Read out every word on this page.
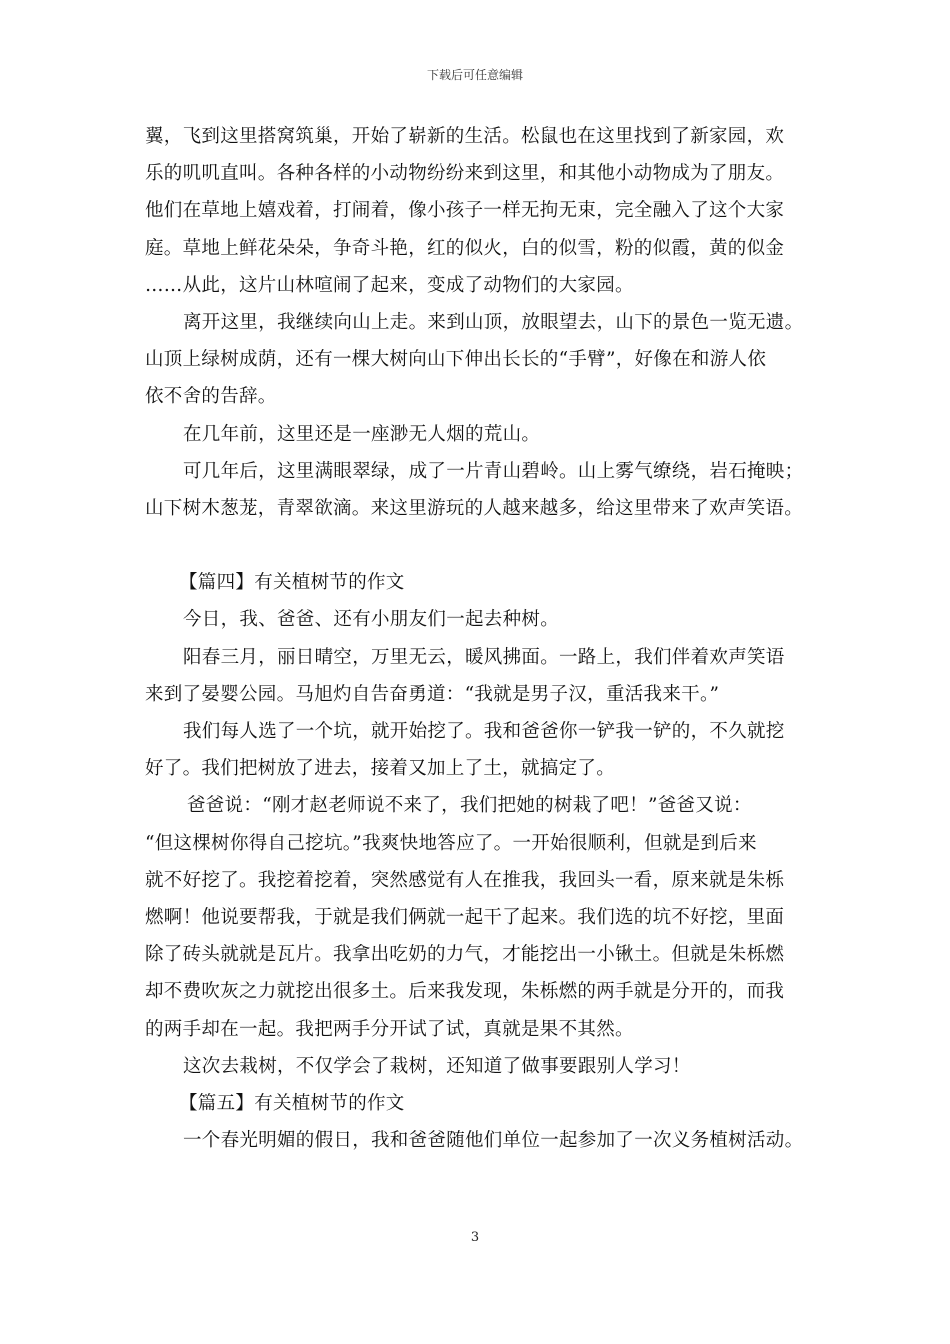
下载后可任意编辑
翼，飞到这里搭窝筑巢，开始了崭新的生活。松鼠也在这里找到了新家园，欢
乐的叽叽直叫。各种各样的小动物纷纷来到这里，和其他小动物成为了朋友。
他们在草地上嬉戏着，打闹着，像小孩子一样无拘无束，完全融入了这个大家
庭。草地上鲜花朵朵，争奇斗艳，红的似火，白的似雪，粉的似霞，黄的似金
……从此，这片山林喧闹了起来，变成了动物们的大家园。
离开这里，我继续向山上走。来到山顶，放眼望去，山下的景色一览无遗。
山顶上绿树成荫，还有一棵大树向山下伸出长长的“手臂”，好像在和游人依
依不舍的告辞。
在几年前，这里还是一座渺无人烟的荒山。
可几年后，这里满眼翠绿，成了一片青山碧岭。山上雾气缭绕，岩石掩映；
山下树木葱茏，青翠欲滴。来这里游玩的人越来越多，给这里带来了欢声笑语。
【篇四】有关植树节的作文
今日，我、爸爸、还有小朋友们一起去种树。
阳春三月，丽日晴空，万里无云，暖风拂面。一路上，我们伴着欢声笑语
来到了晏婴公园。马旭灼自告奋勇道：“我就是男子汉，重活我来干。”
我们每人选了一个坑，就开始挖了。我和爸爸你一铲我一铲的，不久就挖
好了。我们把树放了进去，接着又加上了土，就搞定了。
爸爸说：“刚才赵老师说不来了，我们把她的树栽了吧！”爸爸又说：
“但这棵树你得自己挖坑。”我爽快地答应了。一开始很顺利，但就是到后来
就不好挖了。我挖着挖着，突然感觉有人在推我，我回头一看，原来就是朱栎
燃啊！他说要帮我，于就是我们俩就一起干了起来。我们选的坑不好挖，里面
除了砖头就就是瓦片。我拿出吃奶的力气，才能挖出一小锹土。但就是朱栎燃
却不费吹灰之力就挖出很多土。后来我发现，朱栎燃的两手就是分开的，而我
的两手却在一起。我把两手分开试了试，真就是果不其然。
这次去栽树，不仅学会了栽树，还知道了做事要跟别人学习！
【篇五】有关植树节的作文
一个春光明媚的假日，我和爸爸随他们单位一起参加了一次义务植树活动。
3
